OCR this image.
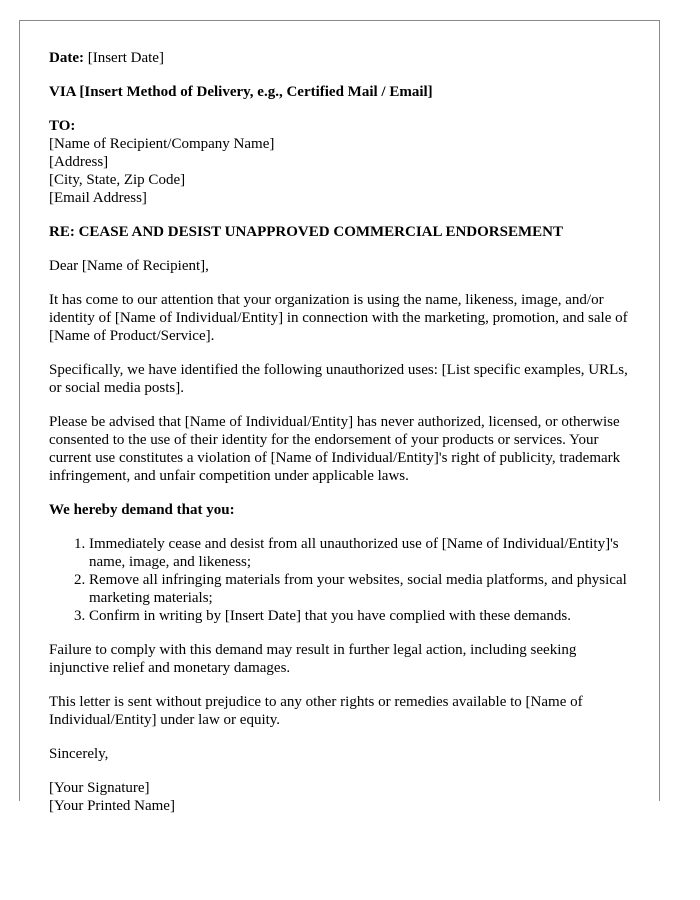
Date: [Insert Date]

VIA [Insert Method of Delivery, e.g., Certified Mail / Email]

TO:
[Name of Recipient/Company Name]
[Address]
[City, State, Zip Code]
[Email Address]

RE: CEASE AND DESIST UNAPPROVED COMMERCIAL ENDORSEMENT

Dear [Name of Recipient],

It has come to our attention that your organization is using the name, likeness, image, and/or identity of [Name of Individual/Entity] in connection with the marketing, promotion, and sale of [Name of Product/Service].

Specifically, we have identified the following unauthorized uses: [List specific examples, URLs, or social media posts].

Please be advised that [Name of Individual/Entity] has never authorized, licensed, or otherwise consented to the use of their identity for the endorsement of your products or services. Your current use constitutes a violation of [Name of Individual/Entity]'s right of publicity, trademark infringement, and unfair competition under applicable laws.

We hereby demand that you:

1. Immediately cease and desist from all unauthorized use of [Name of Individual/Entity]'s name, image, and likeness;
2. Remove all infringing materials from your websites, social media platforms, and physical marketing materials;
3. Confirm in writing by [Insert Date] that you have complied with these demands.

Failure to comply with this demand may result in further legal action, including seeking injunctive relief and monetary damages.

This letter is sent without prejudice to any other rights or remedies available to [Name of Individual/Entity] under law or equity.

Sincerely,

[Your Signature]
[Your Printed Name]
